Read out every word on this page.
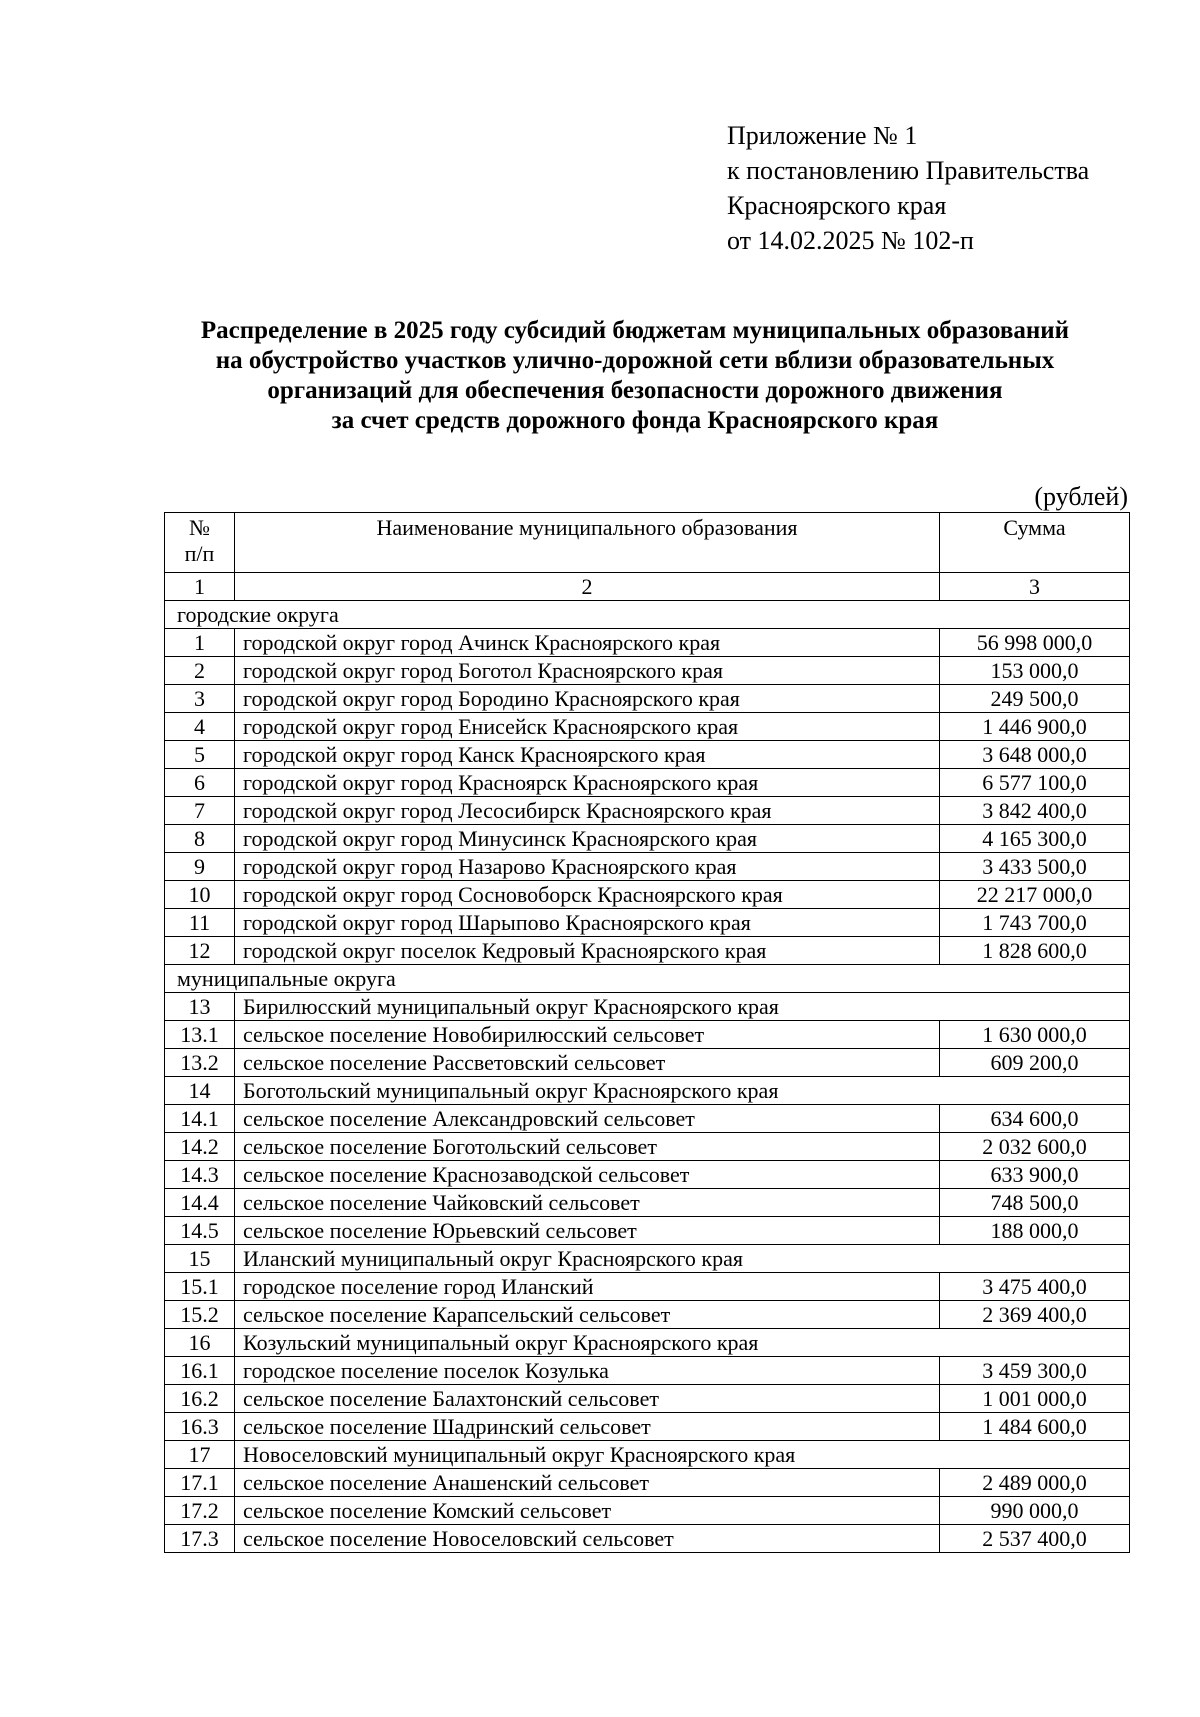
Приложение № 1
к постановлению Правительства
Красноярского края
от 14.02.2025 № 102-п
Распределение в 2025 году субсидий бюджетам муниципальных образований
на обустройство участков улично-дорожной сети вблизи образовательных
организаций для обеспечения безопасности дорожного движения
за счет средств дорожного фонда Красноярского края
(рублей)
№
п/п	Наименование муниципального образования	Сумма
1	2	3
городские округа		
1	городской округ город Ачинск Красноярского края	56 998 000,0
2	городской округ город Боготол Красноярского края	153 000,0
3	городской округ город Бородино Красноярского края	249 500,0
4	городской округ город Енисейск Красноярского края	1 446 900,0
5	городской округ город Канск Красноярского края	3 648 000,0
6	городской округ город Красноярск Красноярского края	6 577 100,0
7	городской округ город Лесосибирск Красноярского края	3 842 400,0
8	городской округ город Минусинск Красноярского края	4 165 300,0
9	городской округ город Назарово Красноярского края	3 433 500,0
10	городской округ город Сосновоборск Красноярского края	22 217 000,0
11	городской округ город Шарыпово Красноярского края	1 743 700,0
12	городской округ поселок Кедровый Красноярского края	1 828 600,0
муниципальные округа		
13	Бирилюсский муниципальный округ Красноярского края	
13.1	сельское поселение Новобирилюсский сельсовет	1 630 000,0
13.2	сельское поселение Рассветовский сельсовет	609 200,0
14	Боготольский муниципальный округ Красноярского края	
14.1	сельское поселение Александровский сельсовет	634 600,0
14.2	сельское поселение Боготольский сельсовет	2 032 600,0
14.3	сельское поселение Краснозаводской сельсовет	633 900,0
14.4	сельское поселение Чайковский сельсовет	748 500,0
14.5	сельское поселение Юрьевский сельсовет	188 000,0
15	Иланский муниципальный округ Красноярского края	
15.1	городское поселение город Иланский	3 475 400,0
15.2	сельское поселение Карапсельский сельсовет	2 369 400,0
16	Козульский муниципальный округ Красноярского края	
16.1	городское поселение поселок Козулька	3 459 300,0
16.2	сельское поселение Балахтонский сельсовет	1 001 000,0
16.3	сельское поселение Шадринский сельсовет	1 484 600,0
17	Новоселовский муниципальный округ Красноярского края	
17.1	сельское поселение Анашенский сельсовет	2 489 000,0
17.2	сельское поселение Комский сельсовет	990 000,0
17.3	сельское поселение Новоселовский сельсовет	2 537 400,0
